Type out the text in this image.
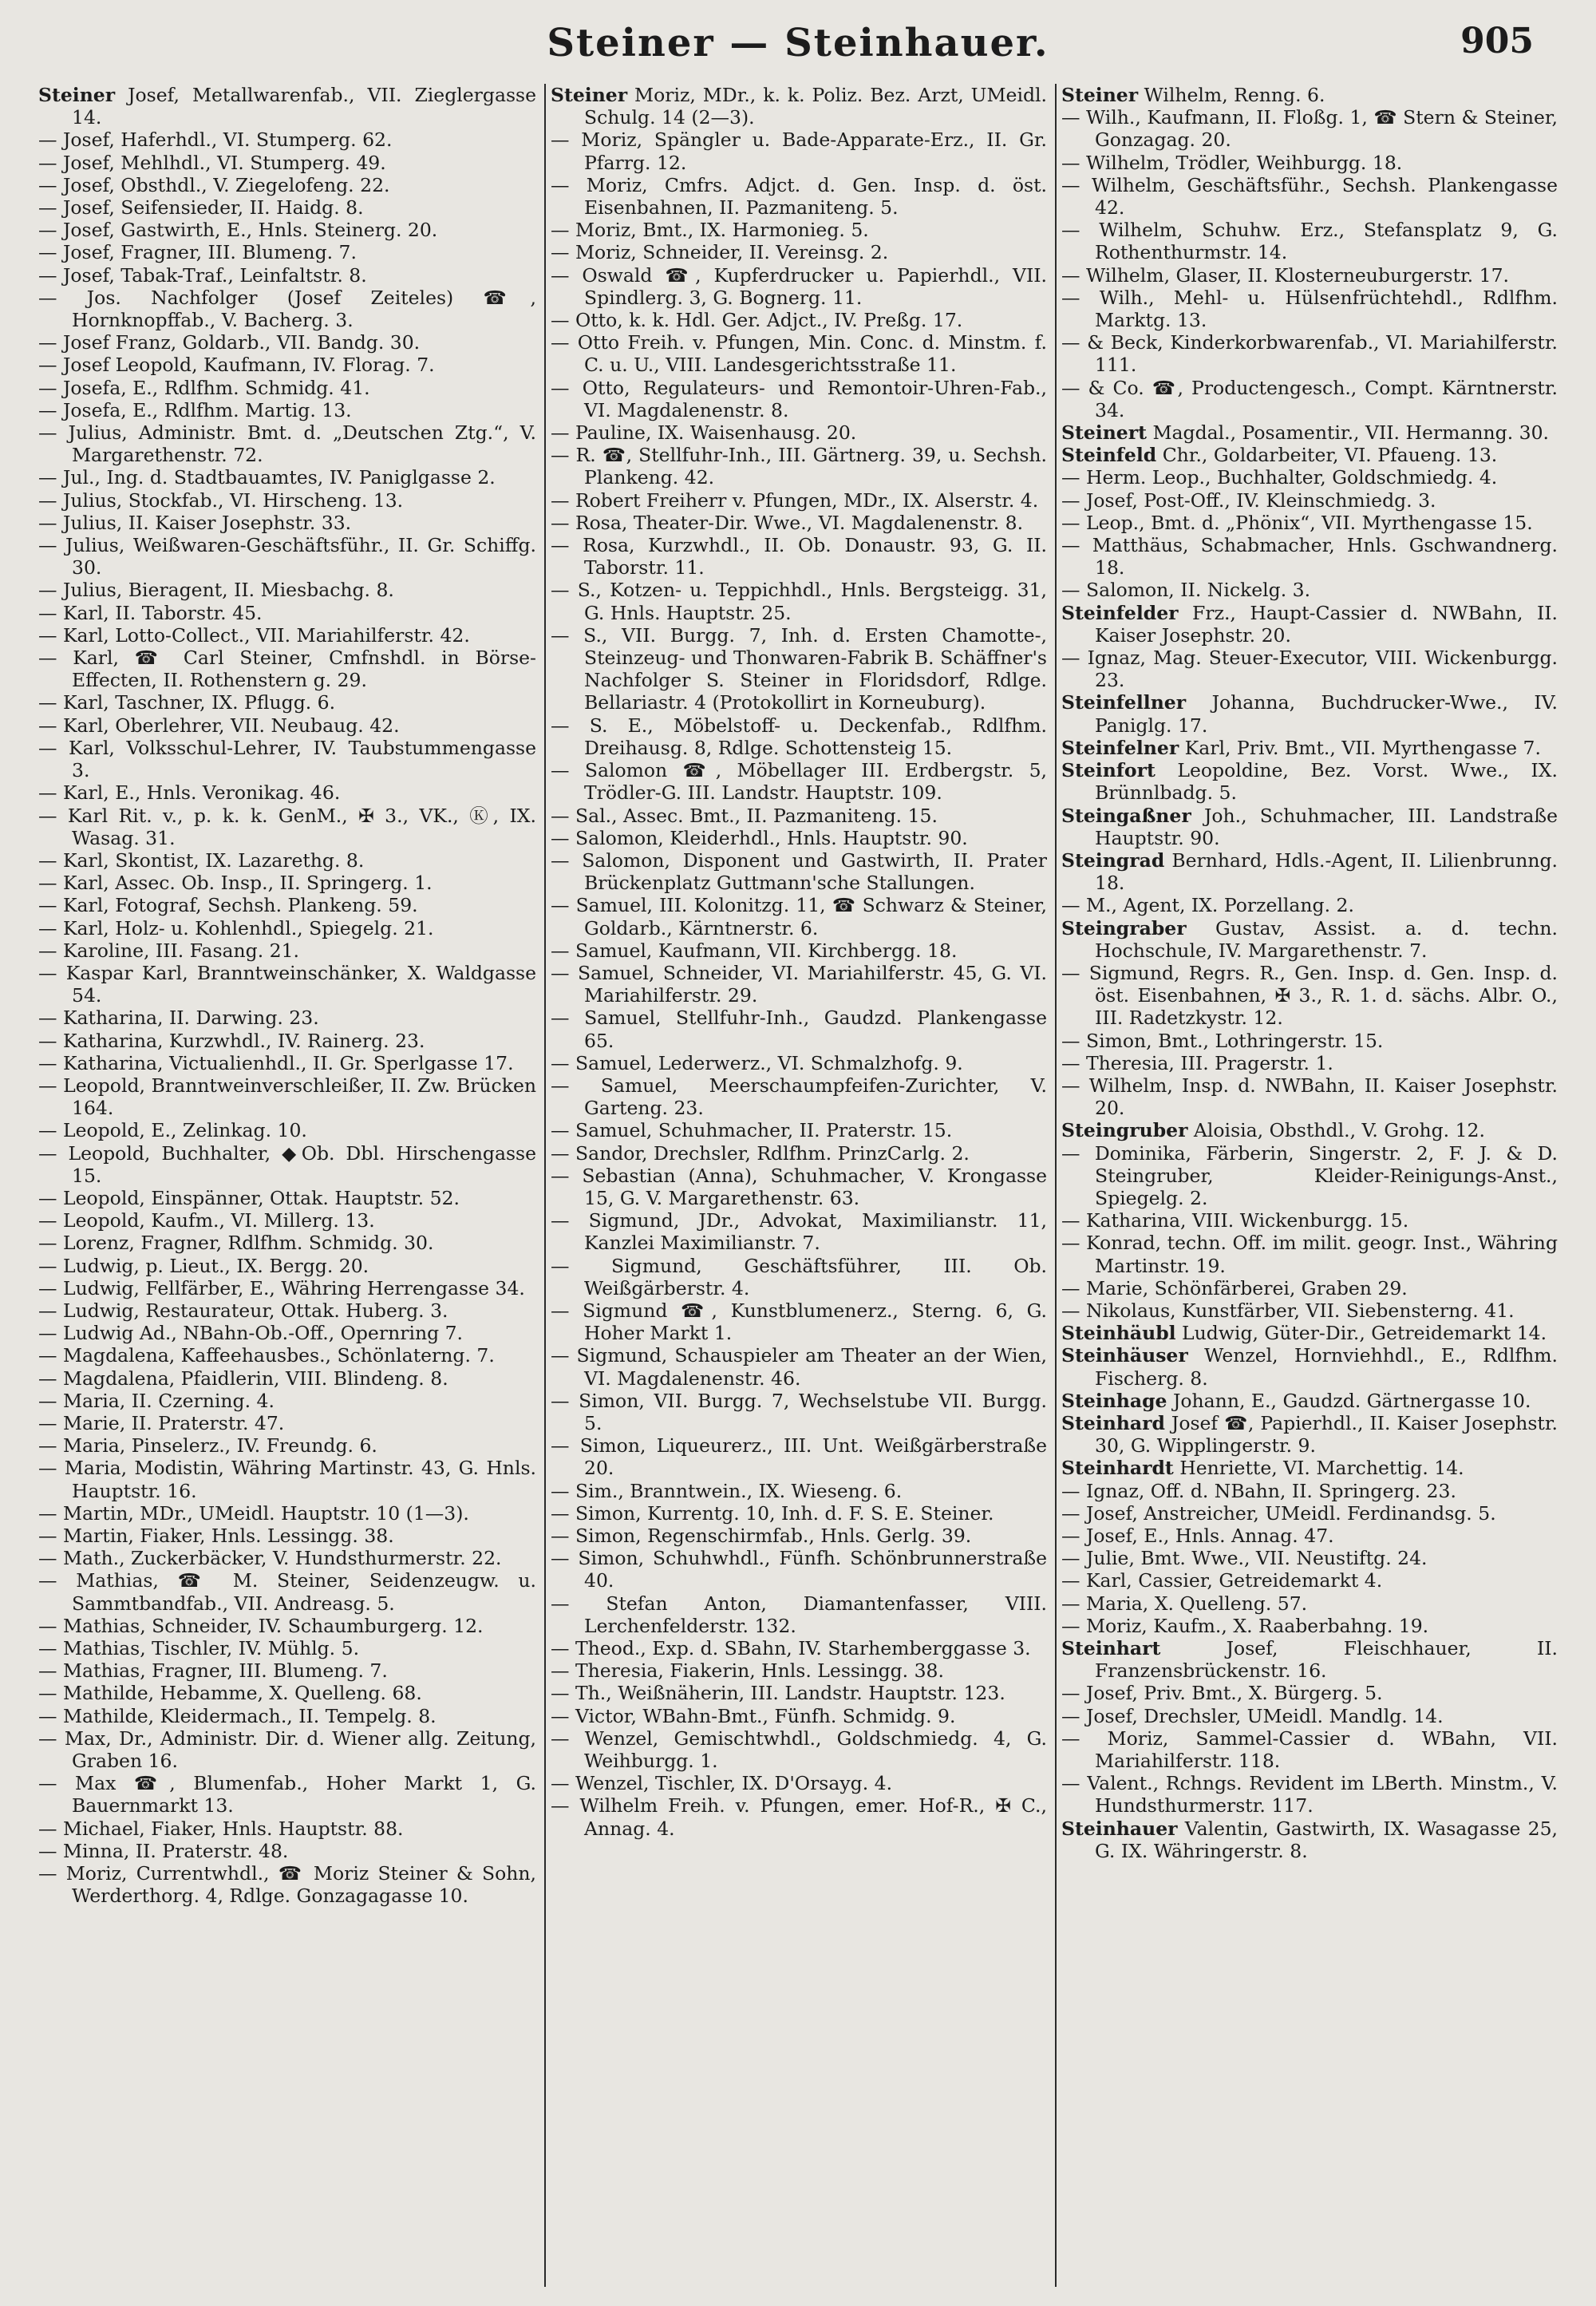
Steiner — Steinhauer.	905
Steiner Josef, Metallwarenfab., VII. Zieglergasse 14.
— Josef, Haferhdl., VI. Stumperg. 62.
— Josef, Mehlhdl., VI. Stumperg. 49.
— Josef, Obsthdl., V. Ziegelofeng. 22.
— Josef, Seifensieder, II. Haidg. 8.
— Josef, Gastwirth, E., Hnls. Steinerg. 20.
— Josef, Fragner, III. Blumeng. 7.
— Josef, Tabak-Traf., Leinfaltstr. 8.
— Jos. Nachfolger (Josef Zeiteles) ☎, Hornknopffab., V. Bacherg. 3.
— Josef Franz, Goldarb., VII. Bandg. 30.
— Josef Leopold, Kaufmann, IV. Florag. 7.
— Josefa, E., Rdlfhm. Schmidg. 41.
— Josefa, E., Rdlfhm. Martig. 13.
— Julius, Administr. Bmt. d. „Deutschen Ztg.“, V. Margarethenstr. 72.
— Jul., Ing. d. Stadtbauamtes, IV. Paniglgasse 2.
— Julius, Stockfab., VI. Hirscheng. 13.
— Julius, II. Kaiser Josephstr. 33.
— Julius, Weißwaren-Geschäftsführ., II. Gr. Schiffg. 30.
— Julius, Bieragent, II. Miesbachg. 8.
— Karl, II. Taborstr. 45.
— Karl, Lotto-Collect., VII. Mariahilferstr. 42.
— Karl, ☎ Carl Steiner, Cmfnshdl. in Börse-Effecten, II. Rothenstern g. 29.
— Karl, Taschner, IX. Pflugg. 6.
— Karl, Oberlehrer, VII. Neubaug. 42.
— Karl, Volksschul-Lehrer, IV. Taubstummengasse 3.
— Karl, E., Hnls. Veronikag. 46.
— Karl Rit. v., p. k. k. GenM., ✠ 3., VK., Ⓚ, IX. Wasag. 31.
— Karl, Skontist, IX. Lazarethg. 8.
— Karl, Assec. Ob. Insp., II. Springerg. 1.
— Karl, Fotograf, Sechsh. Plankeng. 59.
— Karl, Holz- u. Kohlenhdl., Spiegelg. 21.
— Karoline, III. Fasang. 21.
— Kaspar Karl, Branntweinschänker, X. Waldgasse 54.
— Katharina, II. Darwing. 23.
— Katharina, Kurzwhdl., IV. Rainerg. 23.
— Katharina, Victualienhdl., II. Gr. Sperlgasse 17.
— Leopold, Branntweinverschleißer, II. Zw. Brücken 164.
— Leopold, E., Zelinkag. 10.
— Leopold, Buchhalter, ◆Ob. Dbl. Hirschengasse 15.
— Leopold, Einspänner, Ottak. Hauptstr. 52.
— Leopold, Kaufm., VI. Millerg. 13.
— Lorenz, Fragner, Rdlfhm. Schmidg. 30.
— Ludwig, p. Lieut., IX. Bergg. 20.
— Ludwig, Fellfärber, E., Währing Herrengasse 34.
— Ludwig, Restaurateur, Ottak. Huberg. 3.
— Ludwig Ad., NBahn-Ob.-Off., Opernring 7.
— Magdalena, Kaffeehausbes., Schönlaterng. 7.
— Magdalena, Pfaidlerin, VIII. Blindeng. 8.
— Maria, II. Czerning. 4.
— Marie, II. Praterstr. 47.
— Maria, Pinselerz., IV. Freundg. 6.
— Maria, Modistin, Währing Martinstr. 43, G. Hnls. Hauptstr. 16.
— Martin, MDr., UMeidl. Hauptstr. 10 (1—3).
— Martin, Fiaker, Hnls. Lessingg. 38.
— Math., Zuckerbäcker, V. Hundsthurmerstr. 22.
— Mathias, ☎ M. Steiner, Seidenzeugw. u. Sammtbandfab., VII. Andreasg. 5.
— Mathias, Schneider, IV. Schaumburgerg. 12.
— Mathias, Tischler, IV. Mühlg. 5.
— Mathias, Fragner, III. Blumeng. 7.
— Mathilde, Hebamme, X. Quelleng. 68.
— Mathilde, Kleidermach., II. Tempelg. 8.
— Max, Dr., Administr. Dir. d. Wiener allg. Zeitung, Graben 16.
— Max ☎, Blumenfab., Hoher Markt 1, G. Bauernmarkt 13.
— Michael, Fiaker, Hnls. Hauptstr. 88.
— Minna, II. Praterstr. 48.
— Moriz, Currentwhdl., ☎ Moriz Steiner & Sohn, Werderthorg. 4, Rdlge. Gonzagagasse 10.
Steiner Moriz, MDr., k. k. Poliz. Bez. Arzt, UMeidl. Schulg. 14 (2—3).
— Moriz, Spängler u. Bade-Apparate-Erz., II. Gr. Pfarrg. 12.
— Moriz, Cmfrs. Adjct. d. Gen. Insp. d. öst. Eisenbahnen, II. Pazmaniteng. 5.
— Moriz, Bmt., IX. Harmonieg. 5.
— Moriz, Schneider, II. Vereinsg. 2.
— Oswald ☎, Kupferdrucker u. Papierhdl., VII. Spindlerg. 3, G. Bognerg. 11.
— Otto, k. k. Hdl. Ger. Adjct., IV. Preßg. 17.
— Otto Freih. v. Pfungen, Min. Conc. d. Minstm. f. C. u. U., VIII. Landesgerichtsstraße 11.
— Otto, Regulateurs- und Remontoir-Uhren-Fab., VI. Magdalenenstr. 8.
— Pauline, IX. Waisenhausg. 20.
— R. ☎, Stellfuhr-Inh., III. Gärtnerg. 39, u. Sechsh. Plankeng. 42.
— Robert Freiherr v. Pfungen, MDr., IX. Alserstr. 4.
— Rosa, Theater-Dir. Wwe., VI. Magdalenenstr. 8.
— Rosa, Kurzwhdl., II. Ob. Donaustr. 93, G. II. Taborstr. 11.
— S., Kotzen- u. Teppichhdl., Hnls. Bergsteigg. 31, G. Hnls. Hauptstr. 25.
— S., VII. Burgg. 7, Inh. d. Ersten Chamotte-, Steinzeug- und Thonwaren-Fabrik B. Schäffner's Nachfolger S. Steiner in Floridsdorf, Rdlge. Bellariastr. 4 (Protokollirt in Korneuburg).
— S. E., Möbelstoff- u. Deckenfab., Rdlfhm. Dreihausg. 8, Rdlge. Schottensteig 15.
— Salomon ☎, Möbellager III. Erdbergstr. 5, Trödler-G. III. Landstr. Hauptstr. 109.
— Sal., Assec. Bmt., II. Pazmaniteng. 15.
— Salomon, Kleiderhdl., Hnls. Hauptstr. 90.
— Salomon, Disponent und Gastwirth, II. Prater Brückenplatz Guttmann'sche Stallungen.
— Samuel, III. Kolonitzg. 11, ☎ Schwarz & Steiner, Goldarb., Kärntnerstr. 6.
— Samuel, Kaufmann, VII. Kirchbergg. 18.
— Samuel, Schneider, VI. Mariahilferstr. 45, G. VI. Mariahilferstr. 29.
— Samuel, Stellfuhr-Inh., Gaudzd. Plankengasse 65.
— Samuel, Lederwerz., VI. Schmalzhofg. 9.
— Samuel, Meerschaumpfeifen-Zurichter, V. Garteng. 23.
— Samuel, Schuhmacher, II. Praterstr. 15.
— Sandor, Drechsler, Rdlfhm. PrinzCarlg. 2.
— Sebastian (Anna), Schuhmacher, V. Krongasse 15, G. V. Margarethenstr. 63.
— Sigmund, JDr., Advokat, Maximilianstr. 11, Kanzlei Maximilianstr. 7.
— Sigmund, Geschäftsführer, III. Ob. Weißgärberstr. 4.
— Sigmund ☎, Kunstblumenerz., Sterng. 6, G. Hoher Markt 1.
— Sigmund, Schauspieler am Theater an der Wien, VI. Magdalenenstr. 46.
— Simon, VII. Burgg. 7, Wechselstube VII. Burgg. 5.
— Simon, Liqueurerz., III. Unt. Weißgärberstraße 20.
— Sim., Branntwein., IX. Wieseng. 6.
— Simon, Kurrentg. 10, Inh. d. F. S. E. Steiner.
— Simon, Regenschirmfab., Hnls. Gerlg. 39.
— Simon, Schuhwhdl., Fünfh. Schönbrunnerstraße 40.
— Stefan Anton, Diamantenfasser, VIII. Lerchenfelderstr. 132.
— Theod., Exp. d. SBahn, IV. Starhemberggasse 3.
— Theresia, Fiakerin, Hnls. Lessingg. 38.
— Th., Weißnäherin, III. Landstr. Hauptstr. 123.
— Victor, WBahn-Bmt., Fünfh. Schmidg. 9.
— Wenzel, Gemischtwhdl., Goldschmiedg. 4, G. Weihburgg. 1.
— Wenzel, Tischler, IX. D'Orsayg. 4.
— Wilhelm Freih. v. Pfungen, emer. Hof-R., ✠ C., Annag. 4.
Steiner Wilhelm, Renng. 6.
— Wilh., Kaufmann, II. Floßg. 1, ☎ Stern & Steiner, Gonzagag. 20.
— Wilhelm, Trödler, Weihburgg. 18.
— Wilhelm, Geschäftsführ., Sechsh. Plankengasse 42.
— Wilhelm, Schuhw. Erz., Stefansplatz 9, G. Rothenthurmstr. 14.
— Wilhelm, Glaser, II. Klosterneuburgerstr. 17.
— Wilh., Mehl- u. Hülsenfrüchtehdl., Rdlfhm. Marktg. 13.
— & Beck, Kinderkorbwarenfab., VI. Mariahilferstr. 111.
— & Co. ☎, Productengesch., Compt. Kärntnerstr. 34.
Steinert Magdal., Posamentir., VII. Hermanng. 30.
Steinfeld Chr., Goldarbeiter, VI. Pfaueng. 13.
— Herm. Leop., Buchhalter, Goldschmiedg. 4.
— Josef, Post-Off., IV. Kleinschmiedg. 3.
— Leop., Bmt. d. „Phönix“, VII. Myrthengasse 15.
— Matthäus, Schabmacher, Hnls. Gschwandnerg. 18.
— Salomon, II. Nickelg. 3.
Steinfelder Frz., Haupt-Cassier d. NWBahn, II. Kaiser Josephstr. 20.
— Ignaz, Mag. Steuer-Executor, VIII. Wickenburgg. 23.
Steinfellner Johanna, Buchdrucker-Wwe., IV. Paniglg. 17.
Steinfelner Karl, Priv. Bmt., VII. Myrthengasse 7.
Steinfort Leopoldine, Bez. Vorst. Wwe., IX. Brünnlbadg. 5.
Steingaßner Joh., Schuhmacher, III. Landstraße Hauptstr. 90.
Steingrad Bernhard, Hdls.-Agent, II. Lilienbrunng. 18.
— M., Agent, IX. Porzellang. 2.
Steingraber Gustav, Assist. a. d. techn. Hochschule, IV. Margarethenstr. 7.
— Sigmund, Regrs. R., Gen. Insp. d. Gen. Insp. d. öst. Eisenbahnen, ✠ 3., R. 1. d. sächs. Albr. O., III. Radetzkystr. 12.
— Simon, Bmt., Lothringerstr. 15.
— Theresia, III. Pragerstr. 1.
— Wilhelm, Insp. d. NWBahn, II. Kaiser Josephstr. 20.
Steingruber Aloisia, Obsthdl., V. Grohg. 12.
— Dominika, Färberin, Singerstr. 2, F. J. & D. Steingruber, Kleider-Reinigungs-Anst., Spiegelg. 2.
— Katharina, VIII. Wickenburgg. 15.
— Konrad, techn. Off. im milit. geogr. Inst., Währing Martinstr. 19.
— Marie, Schönfärberei, Graben 29.
— Nikolaus, Kunstfärber, VII. Siebensterng. 41.
Steinhäubl Ludwig, Güter-Dir., Getreidemarkt 14.
Steinhäuser Wenzel, Hornviehhdl., E., Rdlfhm. Fischerg. 8.
Steinhage Johann, E., Gaudzd. Gärtnergasse 10.
Steinhard Josef ☎, Papierhdl., II. Kaiser Josephstr. 30, G. Wipplingerstr. 9.
Steinhardt Henriette, VI. Marchettig. 14.
— Ignaz, Off. d. NBahn, II. Springerg. 23.
— Josef, Anstreicher, UMeidl. Ferdinandsg. 5.
— Josef, E., Hnls. Annag. 47.
— Julie, Bmt. Wwe., VII. Neustiftg. 24.
— Karl, Cassier, Getreidemarkt 4.
— Maria, X. Quelleng. 57.
— Moriz, Kaufm., X. Raaberbahng. 19.
Steinhart Josef, Fleischhauer, II. Franzensbrückenstr. 16.
— Josef, Priv. Bmt., X. Bürgerg. 5.
— Josef, Drechsler, UMeidl. Mandlg. 14.
— Moriz, Sammel-Cassier d. WBahn, VII. Mariahilferstr. 118.
— Valent., Rchngs. Revident im LBerth. Minstm., V. Hundsthurmerstr. 117.
Steinhauer Valentin, Gastwirth, IX. Wasagasse 25, G. IX. Währingerstr. 8.
